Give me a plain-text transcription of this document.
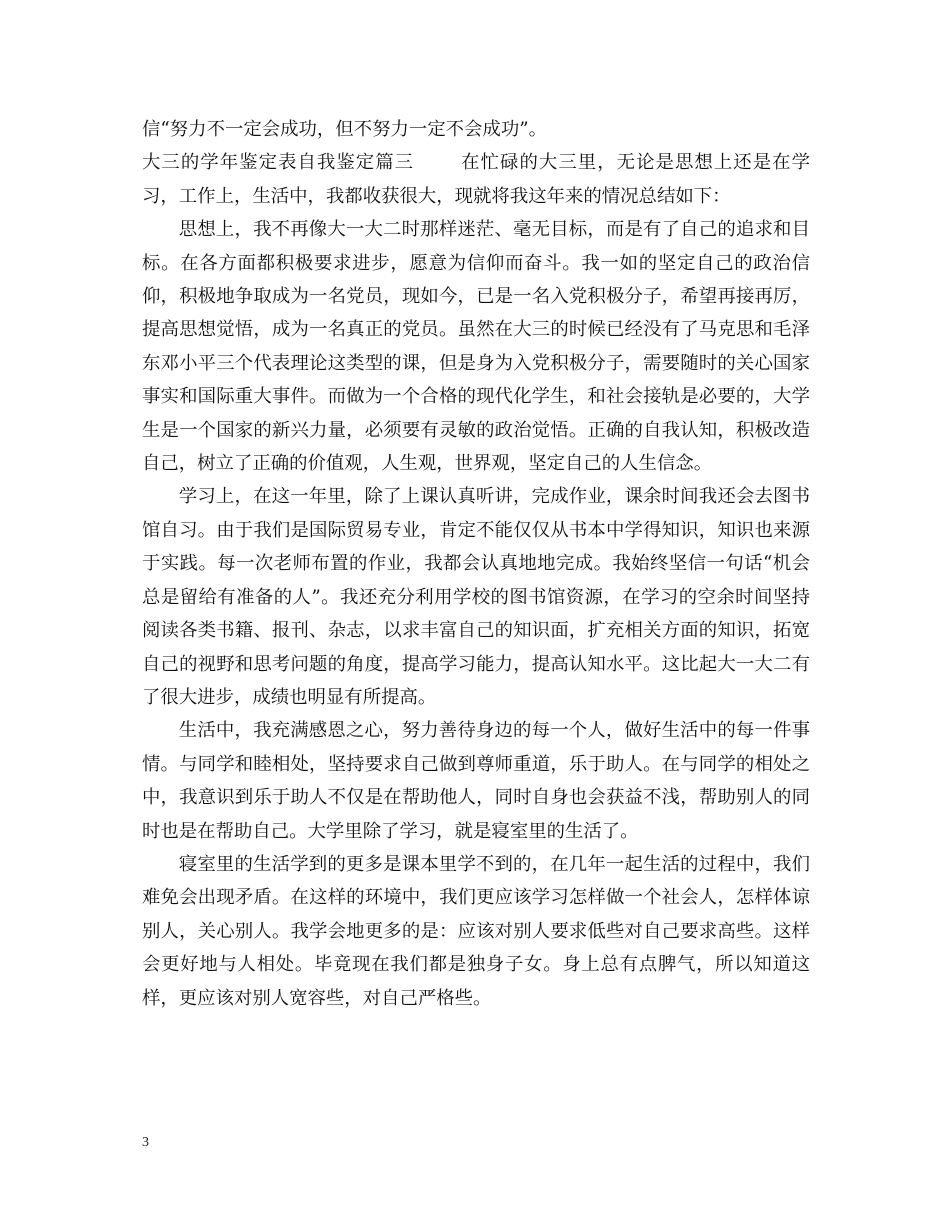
信“努力不一定会成功，但不努力一定不会成功”。

大三的学年鉴定表自我鉴定篇三	在忙碌的大三里，无论是思想上还是在学习，工作上，生活中，我都收获很大，现就将我这年来的情况总结如下：

思想上，我不再像大一大二时那样迷茫、毫无目标，而是有了自己的追求和目标。在各方面都积极要求进步，愿意为信仰而奋斗。我一如的坚定自己的政治信仰，积极地争取成为一名党员，现如今，已是一名入党积极分子，希望再接再厉，提高思想觉悟，成为一名真正的党员。虽然在大三的时候已经没有了马克思和毛泽东邓小平三个代表理论这类型的课，但是身为入党积极分子，需要随时的关心国家事实和国际重大事件。而做为一个合格的现代化学生，和社会接轨是必要的，大学生是一个国家的新兴力量，必须要有灵敏的政治觉悟。正确的自我认知，积极改造自己，树立了正确的价值观，人生观，世界观，坚定自己的人生信念。

学习上，在这一年里，除了上课认真听讲，完成作业，课余时间我还会去图书馆自习。由于我们是国际贸易专业，肯定不能仅仅从书本中学得知识，知识也来源于实践。每一次老师布置的作业，我都会认真地地完成。我始终坚信一句话“机会总是留给有准备的人”。我还充分利用学校的图书馆资源，在学习的空余时间坚持阅读各类书籍、报刊、杂志，以求丰富自己的知识面，扩充相关方面的知识，拓宽自己的视野和思考问题的角度，提高学习能力，提高认知水平。这比起大一大二有了很大进步，成绩也明显有所提高。

生活中，我充满感恩之心，努力善待身边的每一个人，做好生活中的每一件事情。与同学和睦相处，坚持要求自己做到尊师重道，乐于助人。在与同学的相处之中，我意识到乐于助人不仅是在帮助他人，同时自身也会获益不浅，帮助别人的同时也是在帮助自己。大学里除了学习，就是寝室里的生活了。

寝室里的生活学到的更多是课本里学不到的，在几年一起生活的过程中，我们难免会出现矛盾。在这样的环境中，我们更应该学习怎样做一个社会人，怎样体谅别人，关心别人。我学会地更多的是：应该对别人要求低些对自己要求高些。这样会更好地与人相处。毕竟现在我们都是独身子女。身上总有点脾气，所以知道这样，更应该对别人宽容些，对自己严格些。

3
